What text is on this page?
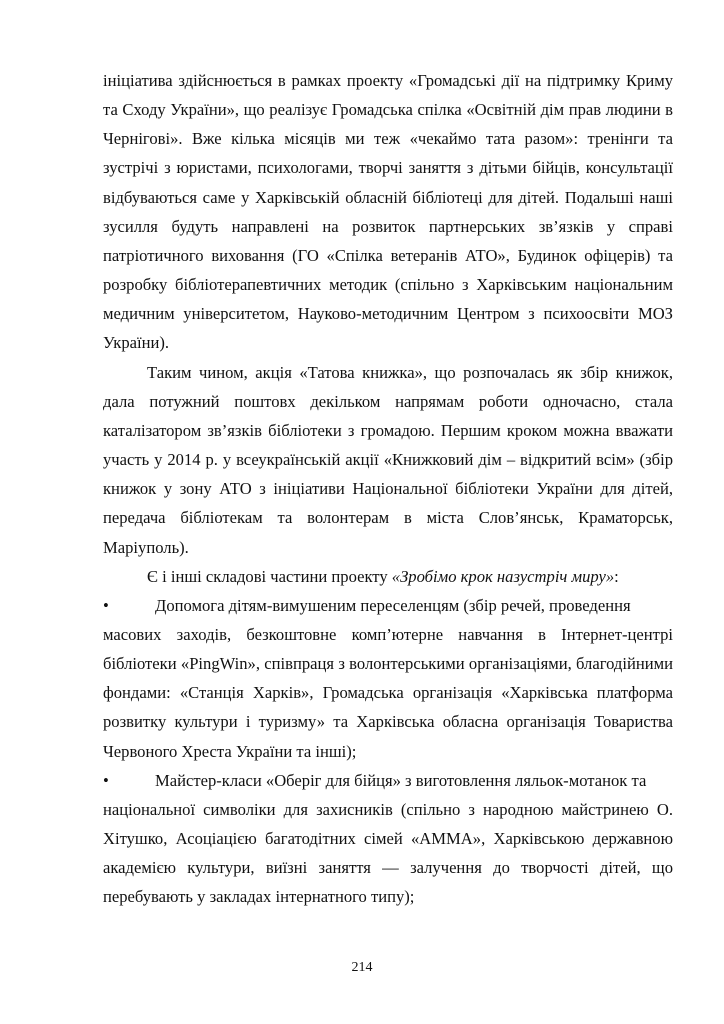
ініціатива здійснюється в рамках проекту «Громадські дії на підтримку Криму та Сходу України», що реалізує Громадська спілка «Освітній дім прав людини в Чернігові». Вже кілька місяців ми теж «чекаймо тата разом»: тренінги та зустрічі з юристами, психологами, творчі заняття з дітьми бійців, консультації відбуваються саме у Харківській обласній бібліотеці для дітей. Подальші наші зусилля будуть направлені на розвиток партнерських зв’язків у справі патріотичного виховання (ГО «Спілка ветеранів АТО», Будинок офіцерів) та розробку бібліотерапевтичних методик (спільно з Харківським національним медичним університетом, Науково-методичним Центром з психоосвіти МОЗ України).

Таким чином, акція «Татова книжка», що розпочалась як збір книжок, дала потужний поштовх декільком напрямам роботи одночасно, стала каталізатором зв’язків бібліотеки з громадою. Першим кроком можна вважати участь у 2014 р. у всеукраїнській акції «Книжковий дім – відкритий всім» (збір книжок у зону АТО з ініціативи Національної бібліотеки України для дітей, передача бібліотекам та волонтерам в міста Слов’янськ, Краматорськ, Маріуполь).

Є і інші складові частини проекту «Зробімо крок назустріч миру»:

•	Допомога дітям-вимушеним переселенцям (збір речей, проведення

масових заходів, безкоштовне комп’ютерне навчання в Інтернет-центрі бібліотеки «PingWin», співпраця з волонтерськими організаціями, благодійними фондами: «Станція Харків», Громадська організація «Харківська платформа розвитку культури і туризму» та Харківська обласна організація Товариства Червоного Хреста України та інші);

•	Майстер-класи «Оберіг для бійця» з виготовлення ляльок-мотанок та

національної символіки для захисників (спільно з народною майстринею О. Хітушко, Асоціацією багатодітних сімей «АММА», Харківською державною академією культури, виїзні заняття — залучення до творчості дітей, що перебувають у закладах інтернатного типу);

214
